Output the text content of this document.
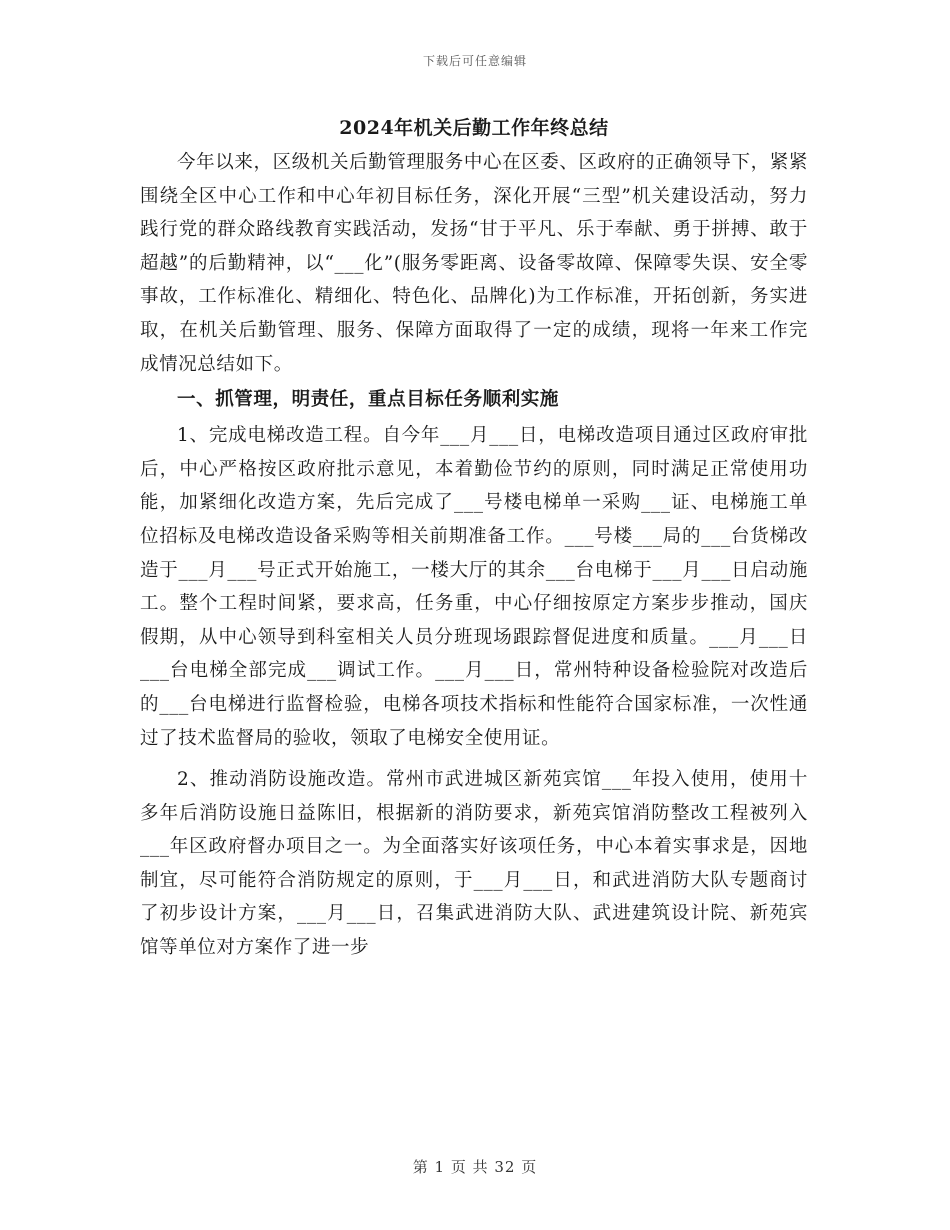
下载后可任意编辑
2024年机关后勤工作年终总结

今年以来，区级机关后勤管理服务中心在区委、区政府的正确领导下，紧紧围绕全区中心工作和中心年初目标任务，深化开展“三型”机关建设活动，努力践行党的群众路线教育实践活动，发扬“甘于平凡、乐于奉献、勇于拼搏、敢于超越”的后勤精神，以“___化”(服务零距离、设备零故障、保障零失误、安全零事故，工作标准化、精细化、特色化、品牌化)为工作标准，开拓创新，务实进取，在机关后勤管理、服务、保障方面取得了一定的成绩，现将一年来工作完成情况总结如下。

一、抓管理，明责任，重点目标任务顺利实施

1、完成电梯改造工程。自今年___月___日，电梯改造项目通过区政府审批后，中心严格按区政府批示意见，本着勤俭节约的原则，同时满足正常使用功能，加紧细化改造方案，先后完成了___号楼电梯单一采购___证、电梯施工单位招标及电梯改造设备采购等相关前期准备工作。___号楼___局的___台货梯改造于___月___号正式开始施工，一楼大厅的其余___台电梯于___月___日启动施工。整个工程时间紧，要求高，任务重，中心仔细按原定方案步步推动，国庆假期，从中心领导到科室相关人员分班现场跟踪督促进度和质量。___月___日___台电梯全部完成___调试工作。___月___日，常州特种设备检验院对改造后的___台电梯进行监督检验，电梯各项技术指标和性能符合国家标准，一次性通过了技术监督局的验收，领取了电梯安全使用证。

2、推动消防设施改造。常州市武进城区新苑宾馆___年投入使用，使用十多年后消防设施日益陈旧，根据新的消防要求，新苑宾馆消防整改工程被列入___年区政府督办项目之一。为全面落实好该项任务，中心本着实事求是，因地制宜，尽可能符合消防规定的原则，于___月___日，和武进消防大队专题商讨了初步设计方案，___月___日，召集武进消防大队、武进建筑设计院、新苑宾馆等单位对方案作了进一步

第 1 页 共 32 页
